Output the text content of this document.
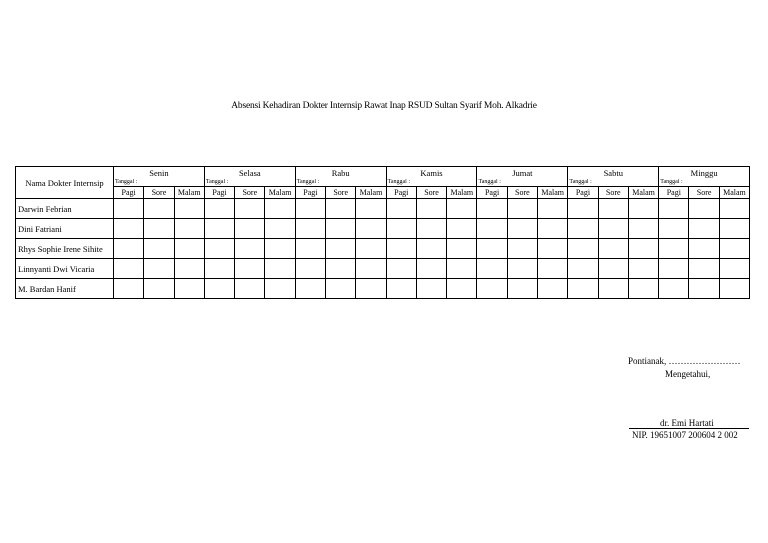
Absensi Kehadiran Dokter Internsip Rawat Inap RSUD Sultan Syarif Moh. Alkadrie
Nama Dokter Internsip	Senin			Selasa			Rabu			Kamis			Jumat			Sabtu			Minggu		
	Tanggal :			Tanggal :			Tanggal :			Tanggal :			Tanggal :			Tanggal :			Tanggal :		
	Pagi	Sore	Malam	Pagi	Sore	Malam	Pagi	Sore	Malam	Pagi	Sore	Malam	Pagi	Sore	Malam	Pagi	Sore	Malam	Pagi	Sore	Malam
Darwin Febrian																					
Dini Fatriani																					
Rhys Sophie Irene Sihite																					
Linnyanti Dwi Vicaria																					
M. Bardan Hanif																					
Pontianak, ……………………
Mengetahui,
dr. Emi Hartati
NIP. 19651007 200604 2 002
